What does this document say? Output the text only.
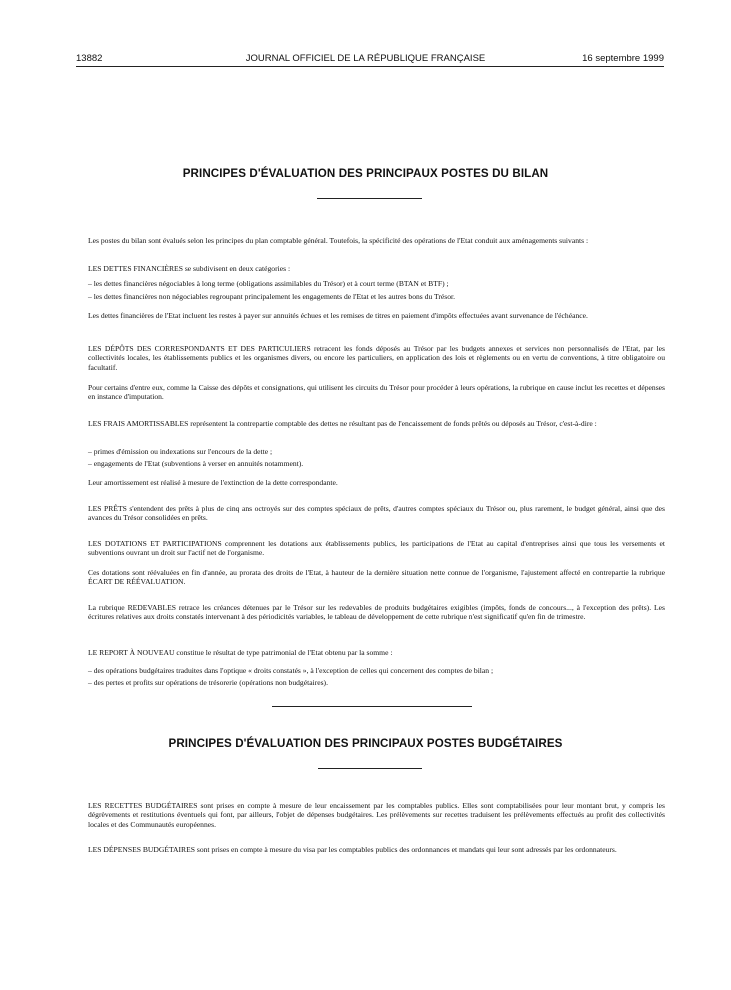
13882	JOURNAL OFFICIEL DE LA RÉPUBLIQUE FRANÇAISE	16 septembre 1999
PRINCIPES D'ÉVALUATION DES PRINCIPAUX POSTES DU BILAN
Les postes du bilan sont évalués selon les principes du plan comptable général. Toutefois, la spécificité des opérations de l'Etat conduit aux aménagements suivants :
LES DETTES FINANCIÈRES se subdivisent en deux catégories :
– les dettes financières négociables à long terme (obligations assimilables du Trésor) et à court terme (BTAN et BTF) ;
– les dettes financières non négociables regroupant principalement les engagements de l'Etat et les autres bons du Trésor.
Les dettes financières de l'Etat incluent les restes à payer sur annuités échues et les remises de titres en paiement d'impôts effectuées avant survenance de l'échéance.
LES DÉPÔTS DES CORRESPONDANTS ET DES PARTICULIERS retracent les fonds déposés au Trésor par les budgets annexes et services non personnalisés de l'Etat, par les collectivités locales, les établissements publics et les organismes divers, ou encore les particuliers, en application des lois et règlements ou en vertu de conventions, à titre obligatoire ou facultatif.
Pour certains d'entre eux, comme la Caisse des dépôts et consignations, qui utilisent les circuits du Trésor pour procéder à leurs opérations, la rubrique en cause inclut les recettes et dépenses en instance d'imputation.
LES FRAIS AMORTISSABLES représentent la contrepartie comptable des dettes ne résultant pas de l'encaissement de fonds prêtés ou déposés au Trésor, c'est-à-dire :
– primes d'émission ou indexations sur l'encours de la dette ;
– engagements de l'Etat (subventions à verser en annuités notamment).
Leur amortissement est réalisé à mesure de l'extinction de la dette correspondante.
LES PRÊTS s'entendent des prêts à plus de cinq ans octroyés sur des comptes spéciaux de prêts, d'autres comptes spéciaux du Trésor ou, plus rarement, le budget général, ainsi que des avances du Trésor consolidées en prêts.
LES DOTATIONS ET PARTICIPATIONS comprennent les dotations aux établissements publics, les participations de l'Etat au capital d'entreprises ainsi que tous les versements et subventions ouvrant un droit sur l'actif net de l'organisme.
Ces dotations sont réévaluées en fin d'année, au prorata des droits de l'Etat, à hauteur de la dernière situation nette connue de l'organisme, l'ajustement affecté en contrepartie la rubrique ÉCART DE RÉÉVALUATION.
La rubrique REDEVABLES retrace les créances détenues par le Trésor sur les redevables de produits budgétaires exigibles (impôts, fonds de concours..., à l'exception des prêts). Les écritures relatives aux droits constatés intervenant à des périodicités variables, le tableau de développement de cette rubrique n'est significatif qu'en fin de trimestre.
LE REPORT À NOUVEAU constitue le résultat de type patrimonial de l'Etat obtenu par la somme :
– des opérations budgétaires traduites dans l'optique « droits constatés », à l'exception de celles qui concernent des comptes de bilan ;
– des pertes et profits sur opérations de trésorerie (opérations non budgétaires).
PRINCIPES D'ÉVALUATION DES PRINCIPAUX POSTES BUDGÉTAIRES
LES RECETTES BUDGÉTAIRES sont prises en compte à mesure de leur encaissement par les comptables publics. Elles sont comptabilisées pour leur montant brut, y compris les dégrèvements et restitutions éventuels qui font, par ailleurs, l'objet de dépenses budgétaires. Les prélèvements sur recettes traduisent les prélèvements effectués au profit des collectivités locales et des Communautés européennes.
LES DÉPENSES BUDGÉTAIRES sont prises en compte à mesure du visa par les comptables publics des ordonnances et mandats qui leur sont adressés par les ordonnateurs.
